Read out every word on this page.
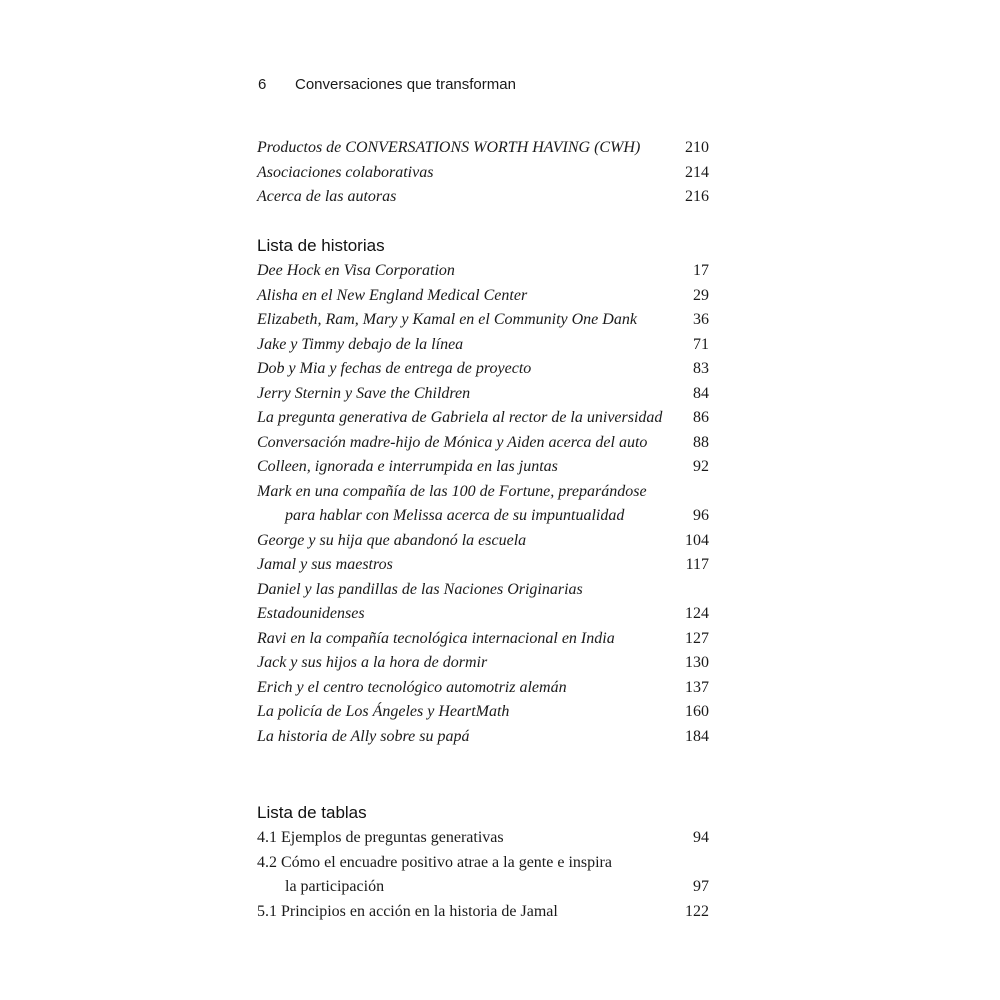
6 Conversaciones que transforman
Productos de CONVERSATIONS WORTH HAVING (CWH)	210
Asociaciones colaborativas	214
Acerca de las autoras	216
Lista de historias
Dee Hock en Visa Corporation	17
Alisha en el New England Medical Center	29
Elizabeth, Ram, Mary y Kamal en el Community One Dank	36
Jake y Timmy debajo de la línea	71
Dob y Mia y fechas de entrega de proyecto	83
Jerry Sternin y Save the Children	84
La pregunta generativa de Gabriela al rector de la universidad 86
Conversación madre-hijo de Mónica y Aiden acerca del auto	88
Colleen, ignorada e interrumpida en las juntas	92
Mark en una compañía de las 100 de Fortune, preparándose
para hablar con Melissa acerca de su impuntualidad	96
George y su hija que abandonó la escuela	104
Jamal y sus maestros	117
Daniel y las pandillas de las Naciones Originarias
Estadounidenses	124
Ravi en la compañía tecnológica internacional en India	127
Jack y sus hijos a la hora de dormir	130
Erich y el centro tecnológico automotriz alemán	137
La policía de Los Ángeles y HeartMath	160
La historia de Ally sobre su papá	184
Lista de tablas
4.1 Ejemplos de preguntas generativas	94
4.2 Cómo el encuadre positivo atrae a la gente e inspira
la participación	97
5.1 Principios en acción en la historia de Jamal	122
